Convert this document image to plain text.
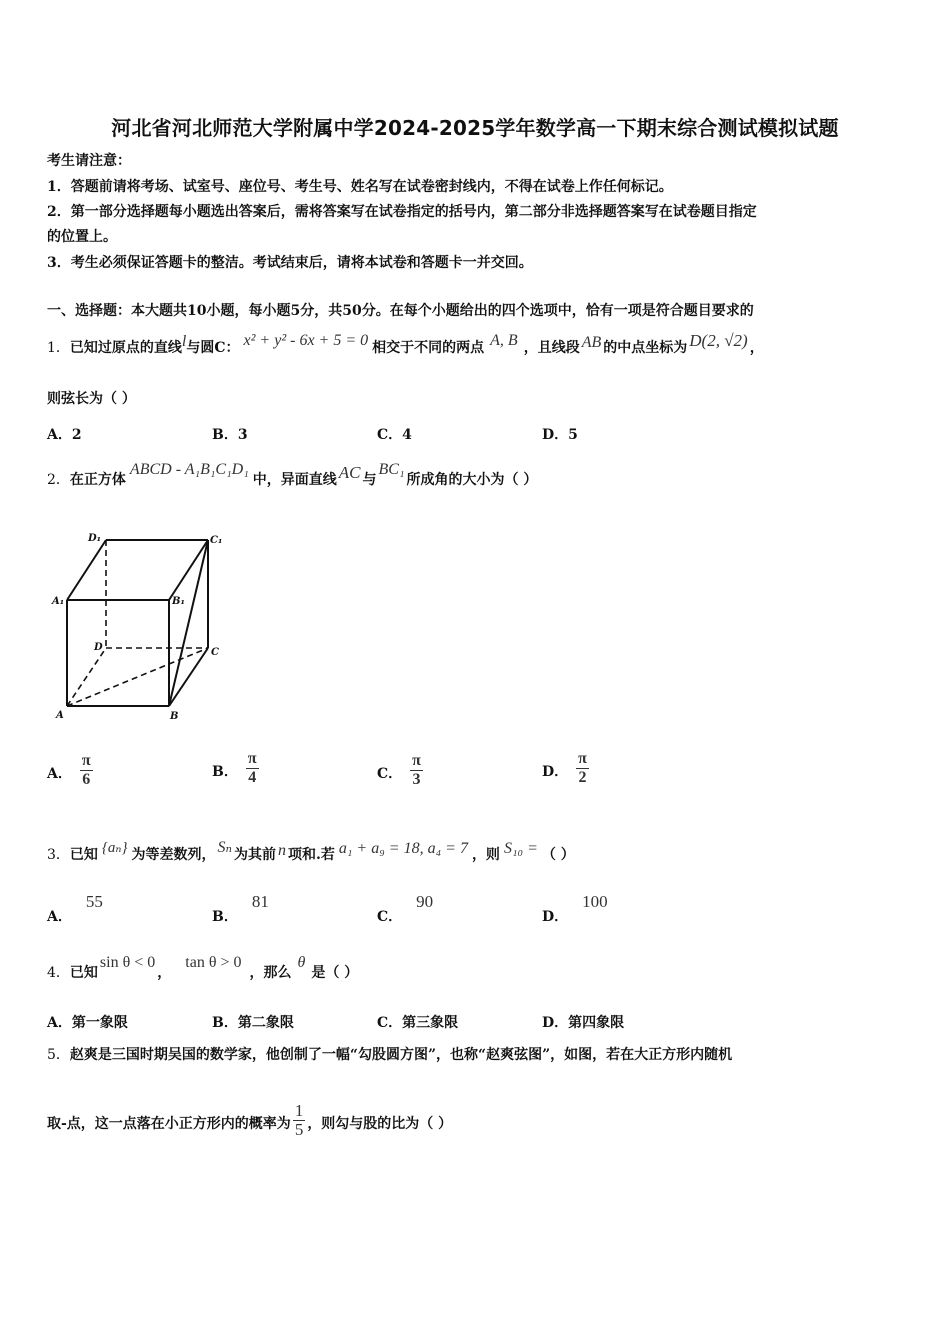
河北省河北师范大学附属中学2024-2025学年数学高一下期末综合测试模拟试题
考生请注意：
1．答题前请将考场、试室号、座位号、考生号、姓名写在试卷密封线内，不得在试卷上作任何标记。
2．第一部分选择题每小题选出答案后，需将答案写在试卷指定的括号内，第二部分非选择题答案写在试卷题目指定
的位置上。
3．考生必须保证答题卡的整洁。考试结束后，请将本试卷和答题卡一并交回。
一、选择题：本大题共10小题，每小题5分，共50分。在每个小题给出的四个选项中，恰有一项是符合题目要求的
1．已知过原点的直线l与圆C： x² + y² - 6x + 5 = 0 相交于不同的两点 A, B ，且线段 AB 的中点坐标为 D(2, √2) ，
则弦长为（ ）
A．2	B．3	C．4	D．5
2．在正方体ABCD - A₁B₁C₁D₁中，异面直线 AC 与BC₁所成角的大小为（ ）
D₁	C₁
A₁	B₁
D	C
A	B
A． $\frac{\pi}{6}$	B． $\frac{\pi}{4}$	C． $\frac{\pi}{3}$	D． $\frac{\pi}{2}$
3．已知 {aₙ} 为等差数列， Sₙ 为其前 n 项和.若 a₁ + a₉ = 18, a₄ = 7 ，则 S₁₀ = （ ）
A．55
B．81
C．90
D．100
4．已知sin θ < 0，tan θ > 0，那么θ是（ ）
A．第一象限	B．第二象限	C．第三象限	D．第四象限
5．赵爽是三国时期吴国的数学家，他创制了一幅“勾股圆方图”，也称“赵爽弦图”，如图，若在大正方形内随机
取-点，这一点落在小正方形内的概率为 $\frac{1}{5}$ ，则勾与股的比为（ ）
